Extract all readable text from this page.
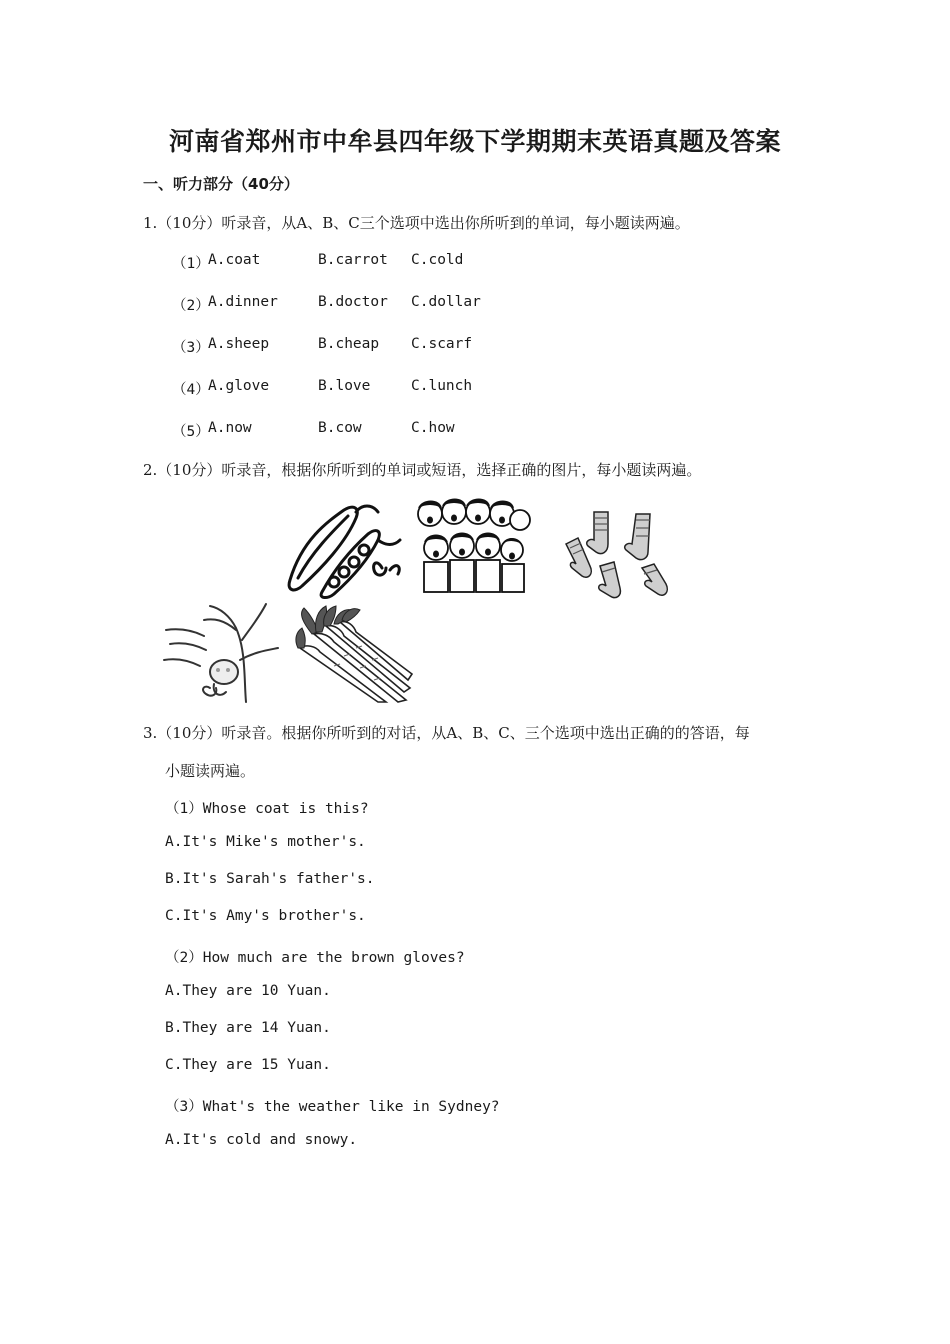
河南省郑州市中牟县四年级下学期期末英语真题及答案
一、听力部分（40分）
1.（10分）听录音，从A、B、C三个选项中选出你所听到的单词，每小题读两遍。
（1）
A.coat	B.carrot C.cold
（2）
A.dinner	B.doctor C.dollar
（3）
A.sheep	B.cheap C.scarf
（4）
A.glove	B.love	C.lunch
（5）
A.now	B.cow	C.how
2.（10分）听录音，根据你所听到的单词或短语，选择正确的图片，每小题读两遍。
3.（10分）听录音。根据你所听到的对话，从A、B、C、三个选项中选出正确的的答语，每
小题读两遍。
（1）Whose coat is this?
A.It's Mike's mother's.
B.It's Sarah's father's.
C.It's Amy's brother's.
（2）How much are the brown gloves?
A.They are 10 Yuan.
B.They are 14 Yuan.
C.They are 15 Yuan.
（3）What's the weather like in Sydney?
A.It's cold and snowy.
